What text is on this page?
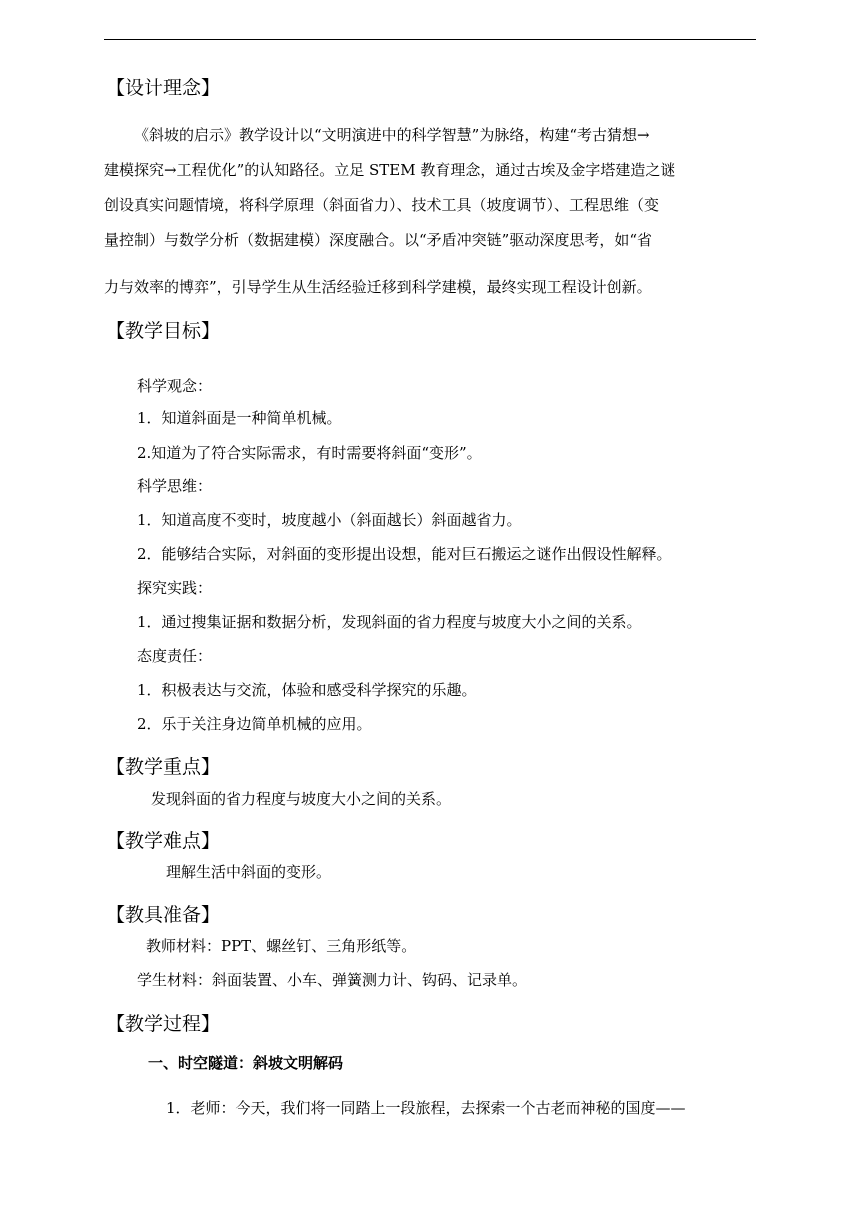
【设计理念】
《斜坡的启示》教学设计以“文明演进中的科学智慧”为脉络，构建“考古猜想→
建模探究→工程优化”的认知路径。立足 STEM 教育理念，通过古埃及金字塔建造之谜
创设真实问题情境，将科学原理（斜面省力）、技术工具（坡度调节）、工程思维（变
量控制）与数学分析（数据建模）深度融合。以“矛盾冲突链”驱动深度思考，如“省
力与效率的博弈”，引导学生从生活经验迁移到科学建模，最终实现工程设计创新。
【教学目标】
科学观念：
1．知道斜面是一种简单机械。
2.知道为了符合实际需求，有时需要将斜面“变形”。
科学思维：
1．知道高度不变时，坡度越小（斜面越长）斜面越省力。
2．能够结合实际，对斜面的变形提出设想，能对巨石搬运之谜作出假设性解释。
探究实践：
1．通过搜集证据和数据分析，发现斜面的省力程度与坡度大小之间的关系。
态度责任：
1．积极表达与交流，体验和感受科学探究的乐趣。
2．乐于关注身边简单机械的应用。
【教学重点】
发现斜面的省力程度与坡度大小之间的关系。
【教学难点】
理解生活中斜面的变形。
【教具准备】
教师材料：PPT、螺丝钉、三角形纸等。
学生材料：斜面装置、小车、弹簧测力计、钩码、记录单。
【教学过程】
一、时空隧道：斜坡文明解码
1．老师：今天，我们将一同踏上一段旅程，去探索一个古老而神秘的国度——
